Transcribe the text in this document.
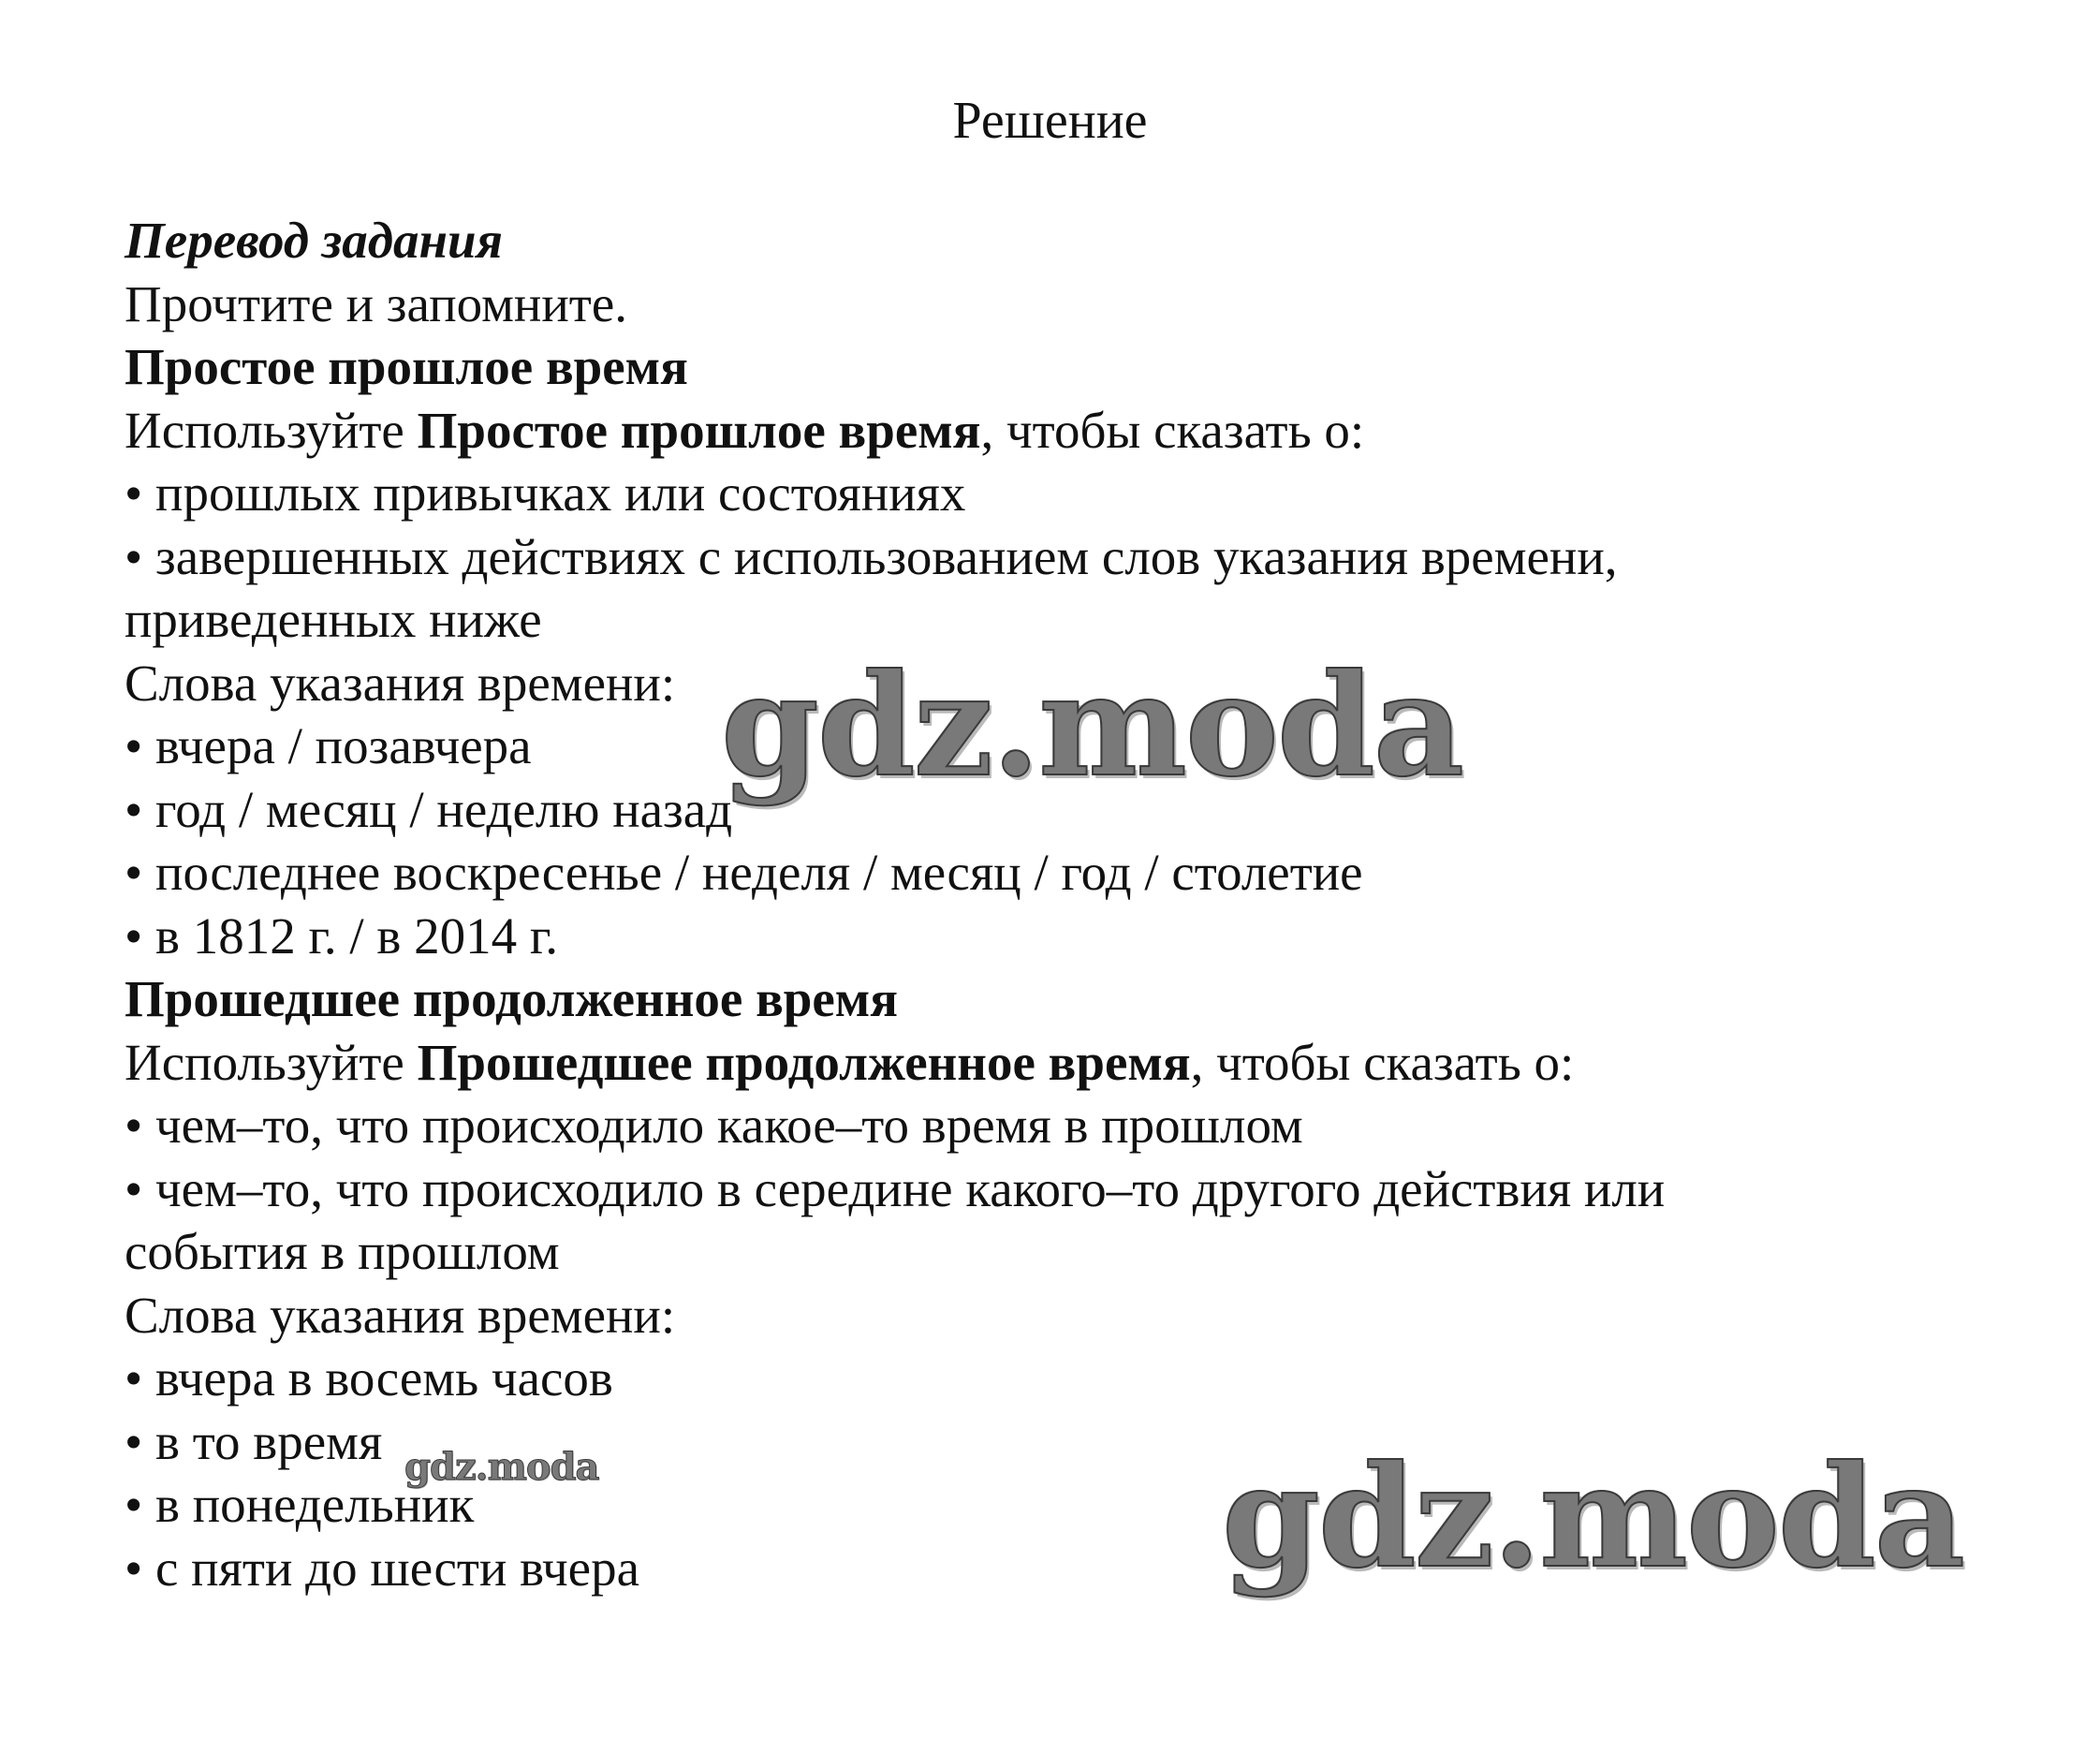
Решение

Перевод задания

Прочтите и запомните.

Простое прошлое время

Используйте Простое прошлое время, чтобы сказать о:

• прошлых привычках или состояниях

• завершенных действиях с использованием слов указания времени,

приведенных ниже

Слова указания времени:

• вчера / позавчера

• год / месяц / неделю назад

• последнее воскресенье / неделя / месяц / год / столетие

• в 1812 г. / в 2014 г.

Прошедшее продолженное время

Используйте Прошедшее продолженное время, чтобы сказать о:

• чем–то, что происходило какое–то время в прошлом

• чем–то, что происходило в середине какого–то другого действия или

события в прошлом

Слова указания времени:

• вчера в восемь часов

• в то время

• в понедельник

• с пяти до шести вчера

gdz.moda
gdz.moda	gdz.moda
